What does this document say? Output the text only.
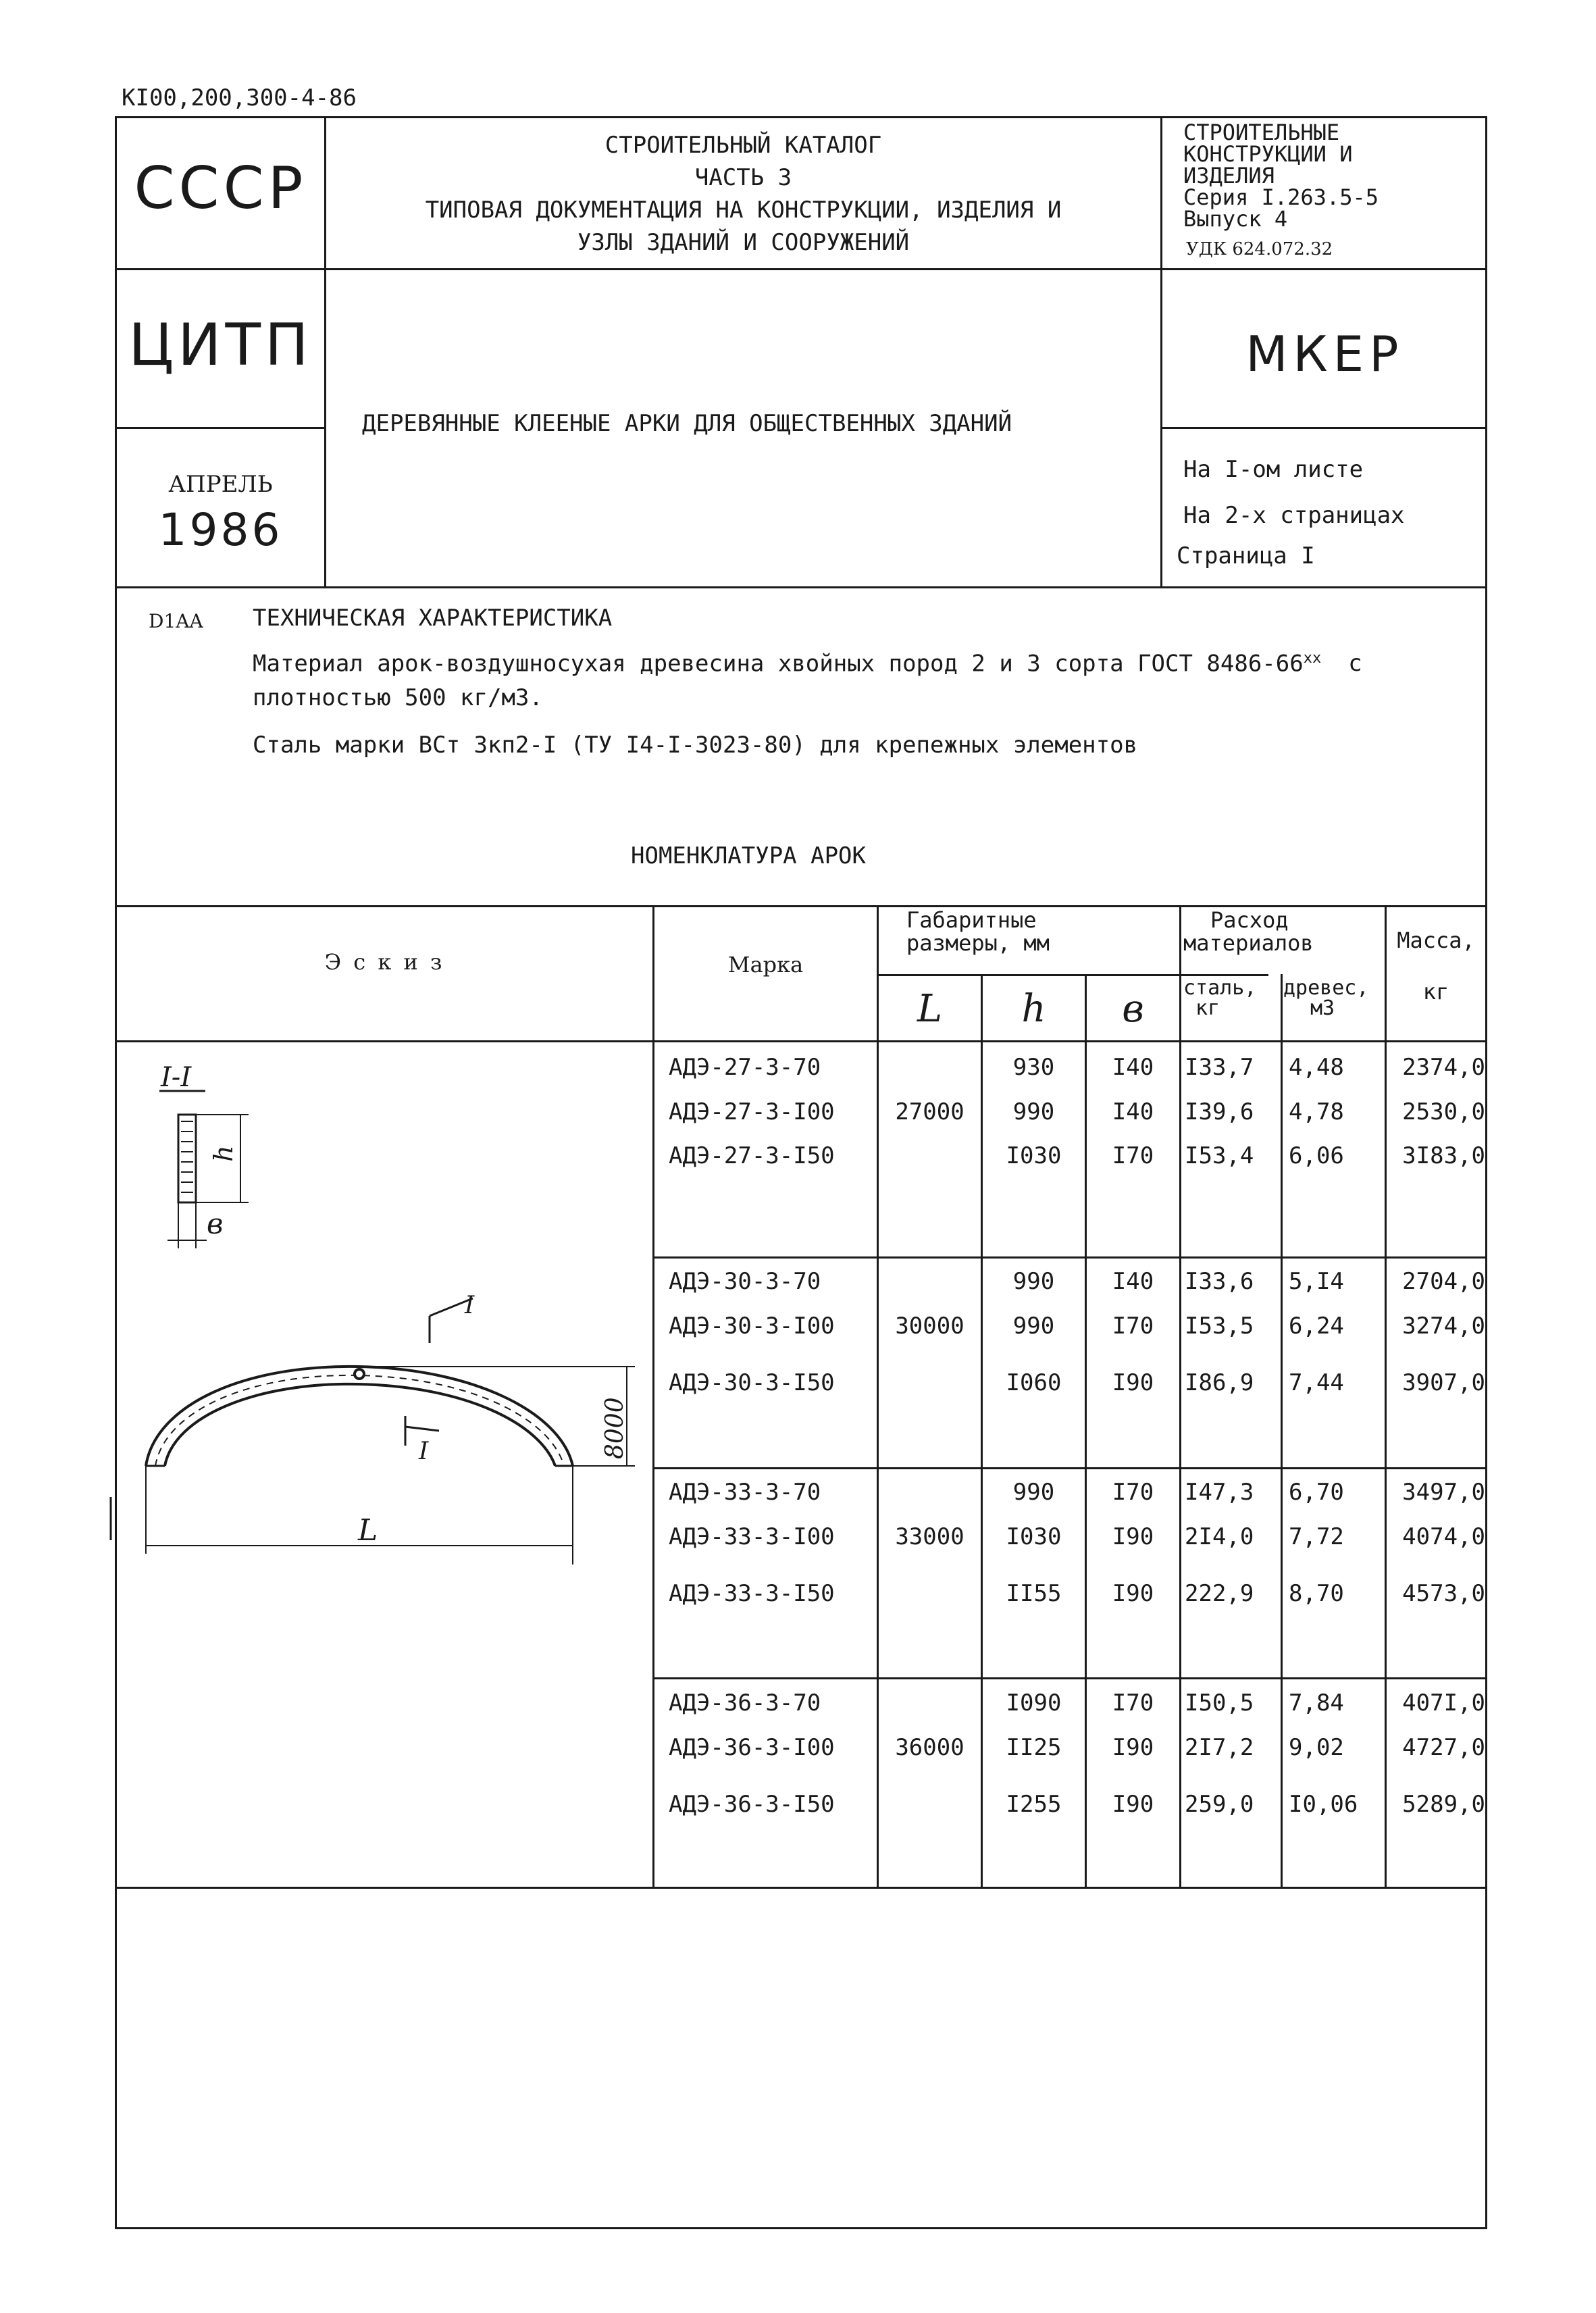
КI00,200,300-4-86
СССР
ЦИТП
АПРЕЛЬ
1986
СТРОИТЕЛЬНЫЙ КАТАЛОГ
ЧАСТЬ 3
ТИПОВАЯ ДОКУМЕНТАЦИЯ НА КОНСТРУКЦИИ, ИЗДЕЛИЯ И
УЗЛЫ ЗДАНИЙ И СООРУЖЕНИЙ
ДЕРЕВЯННЫЕ КЛЕЕНЫЕ АРКИ ДЛЯ ОБЩЕСТВЕННЫХ ЗДАНИЙ
СТРОИТЕЛЬНЫЕ
КОНСТРУКЦИИ И
ИЗДЕЛИЯ
Серия I.263.5-5
Выпуск 4
УДК 624.072.32
МКЕР
На I-ом листе
На 2-х страницах
Страница I
D1AA ТЕХНИЧЕСКАЯ ХАРАКТЕРИСТИКА
Материал арок-воздушносухая древесина хвойных пород 2 и 3 сорта ГОСТ $8486-66^{хх}$ с
плотностью 500 кг/м3.
Сталь марки ВСт 3кп2-I (ТУ I4-I-3023-80) для крепежных элементов
НОМЕНКЛАТУРА АРОК
Э с к и з	Марка
Габаритные
размеры, мм
Расход
материалов	Масса,
кг
L	h	в	сталь,
кг
древес,
м3
АДЭ-27-3-70	930	I40	I33,7	4,48	2374,0
АДЭ-27-3-I00	990	I40	I39,6	4,78	2530,0
АДЭ-27-3-I50	I030	I70	I53,4	6,06	3I83,0
27000
АДЭ-30-3-70	990	I40	I33,6	5,I4	2704,0
АДЭ-30-3-I00	990	I70	I53,5	6,24	3274,0
АДЭ-30-3-I50	I060	I90	I86,9	7,44	3907,0
30000
АДЭ-33-3-70	990	I70	I47,3	6,70	3497,0
АДЭ-33-3-I00	I030	I90	2I4,0	7,72	4074,0
АДЭ-33-3-I50	II55	I90	222,9	8,70	4573,0
33000
АДЭ-36-3-70	I090	I70	I50,5	7,84	407I,0
АДЭ-36-3-I00	II25	I90	2I7,2	9,02	4727,0
АДЭ-36-3-I50	I255	I90	259,0	I0,06	5289,0
36000
I-I
h
в
I
I	8000
L
